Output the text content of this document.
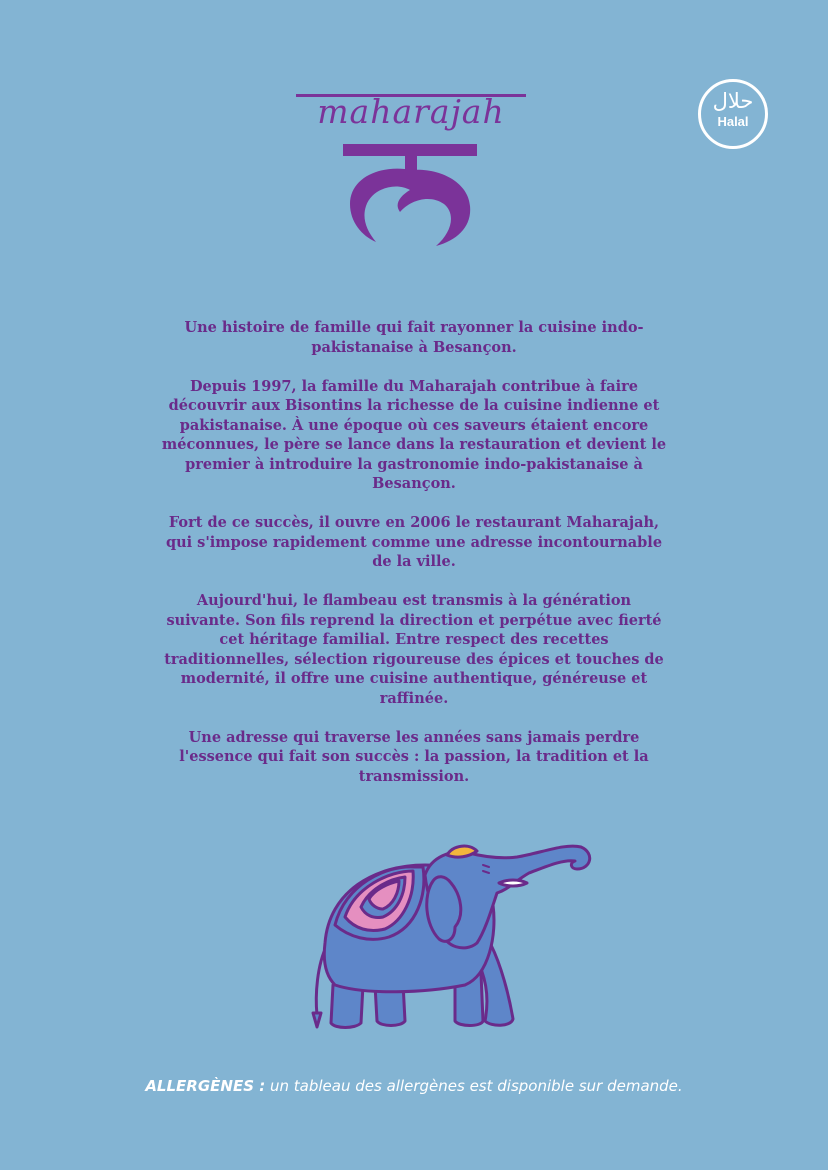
maharajah	حلال
Halal

Une histoire de famille qui fait rayonner la cuisine indo-pakistanaise à Besançon.

Depuis 1997, la famille du Maharajah contribue à faire découvrir aux Bisontins la richesse de la cuisine indienne et pakistanaise. À une époque où ces saveurs étaient encore méconnues, le père se lance dans la restauration et devient le premier à introduire la gastronomie indo-pakistanaise à Besançon.

Fort de ce succès, il ouvre en 2006 le restaurant Maharajah, qui s'impose rapidement comme une adresse incontournable de la ville.

Aujourd'hui, le flambeau est transmis à la génération suivante. Son fils reprend la direction et perpétue avec fierté cet héritage familial. Entre respect des recettes traditionnelles, sélection rigoureuse des épices et touches de modernité, il offre une cuisine authentique, généreuse et raffinée.

Une adresse qui traverse les années sans jamais perdre l'essence qui fait son succès : la passion, la tradition et la transmission.

ALLERGÈNES : un tableau des allergènes est disponible sur demande.
